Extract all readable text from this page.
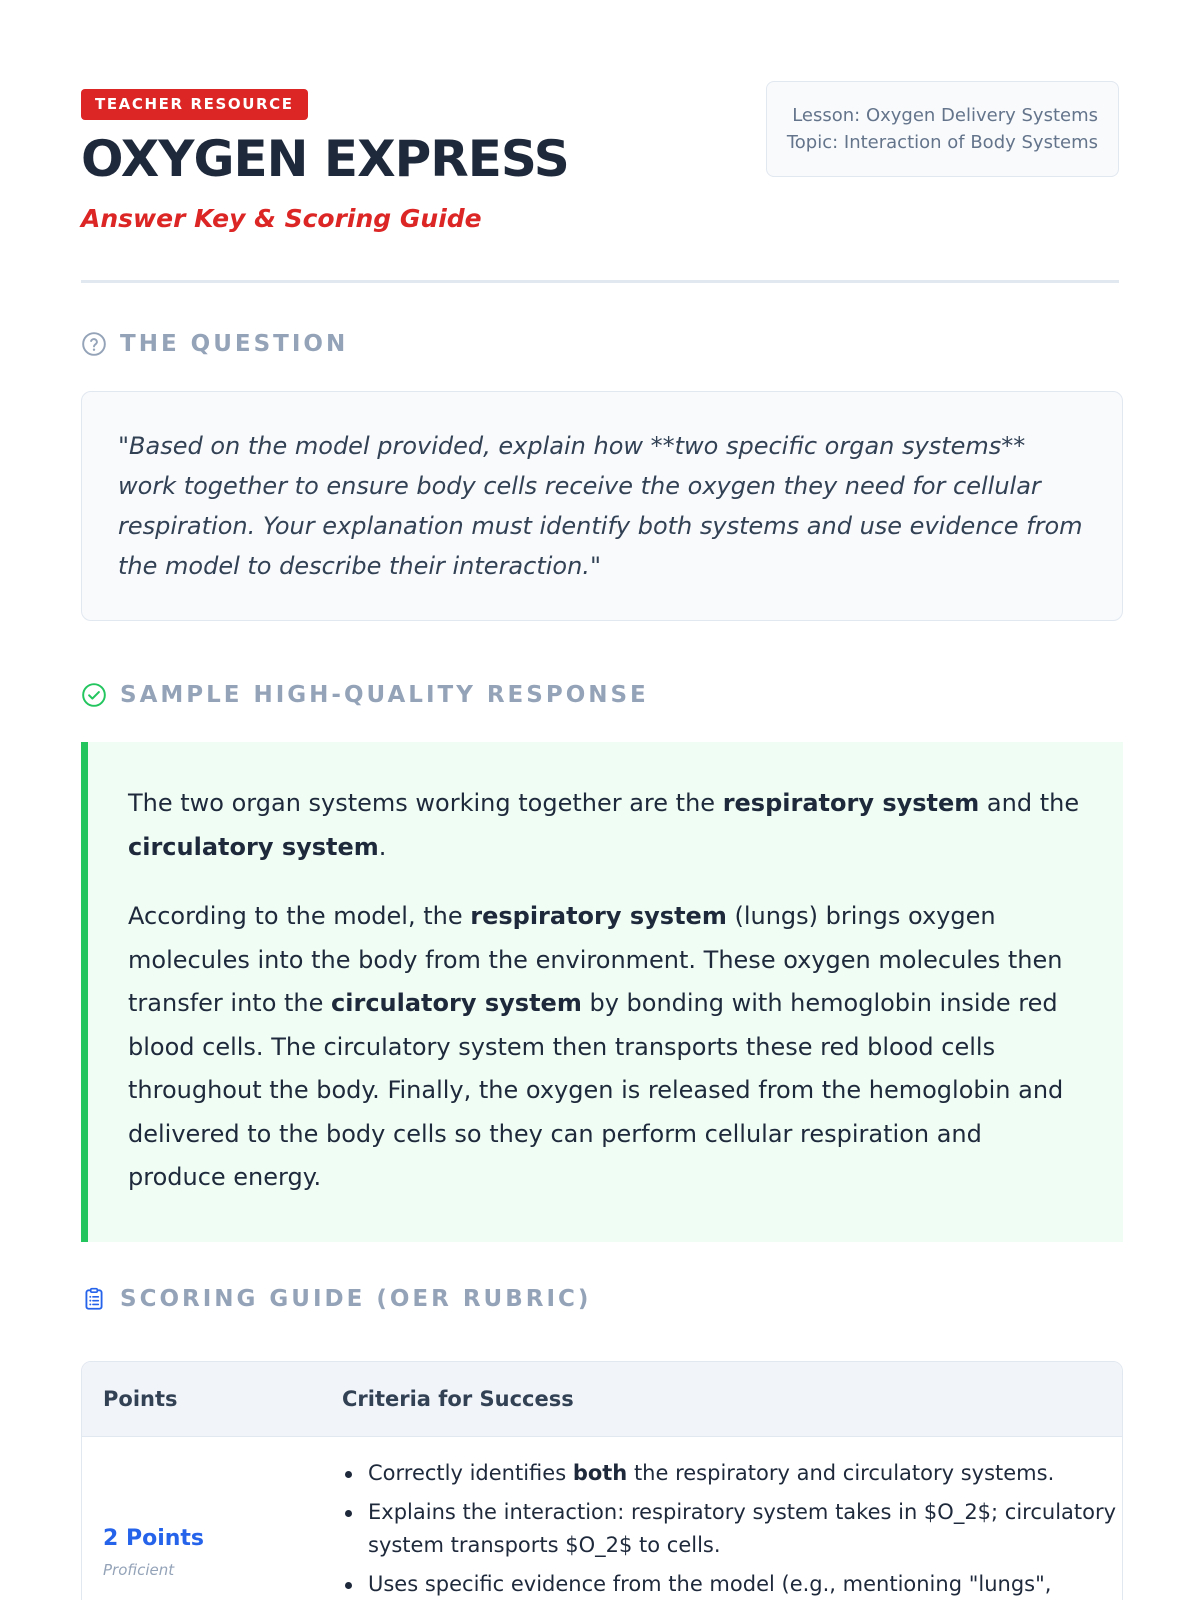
TEACHER RESOURCE
OXYGEN EXPRESS
Answer Key & Scoring Guide
Lesson: Oxygen Delivery Systems
Topic: Interaction of Body Systems
THE QUESTION

"Based on the model provided, explain how **two specific organ systems** work together to ensure body cells receive the oxygen they need for cellular respiration. Your explanation must identify both systems and use evidence from the model to describe their interaction."

SAMPLE HIGH-QUALITY RESPONSE

The two organ systems working together are the respiratory system and the circulatory system.

According to the model, the respiratory system (lungs) brings oxygen molecules into the body from the environment. These oxygen molecules then transfer into the circulatory system by bonding with hemoglobin inside red blood cells. The circulatory system then transports these red blood cells throughout the body. Finally, the oxygen is released from the hemoglobin and delivered to the body cells so they can perform cellular respiration and produce energy.

SCORING GUIDE (OER RUBRIC)
Points	Criteria for Success
2 Points
Proficient
Correctly identifies both the respiratory and circulatory systems.
Explains the interaction: respiratory system takes in $O_2$; circulatory system transports $O_2$ to cells.
Uses specific evidence from the model (e.g., mentioning "lungs",
